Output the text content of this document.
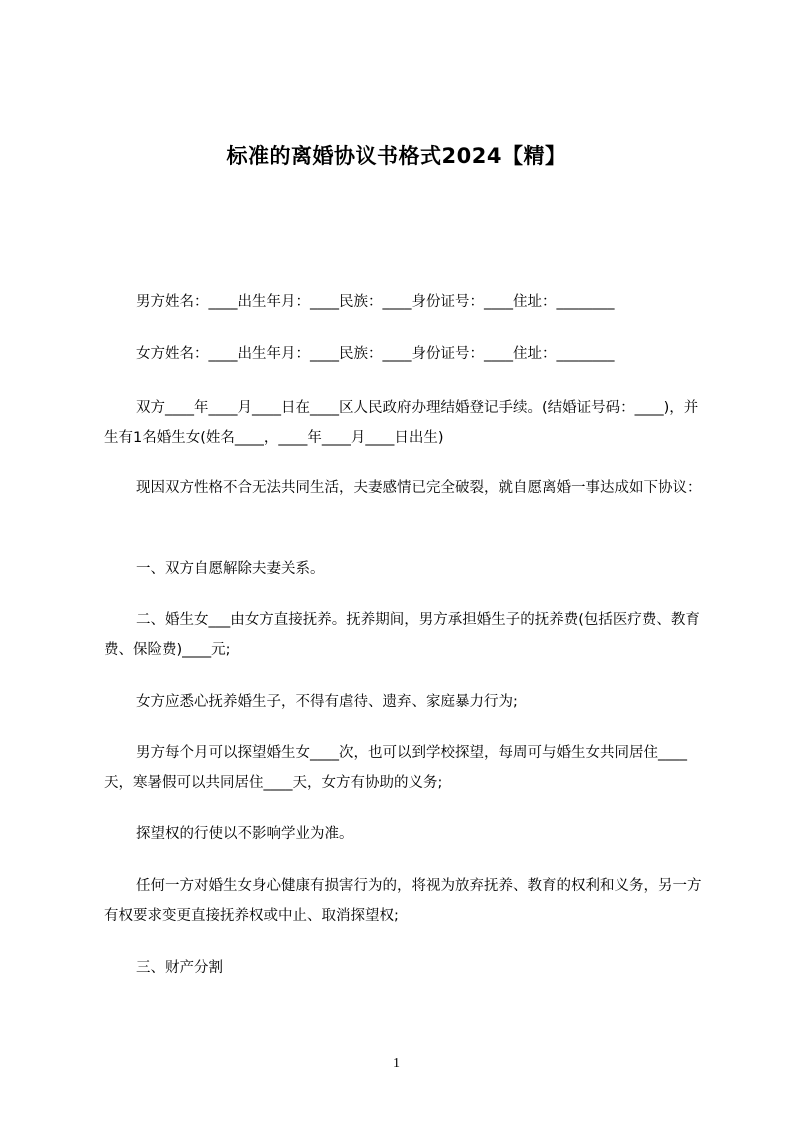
标准的离婚协议书格式2024【精】

男方姓名：____出生年月：____民族：____身份证号：____住址：________

女方姓名：____出生年月：____民族：____身份证号：____住址：________

双方____年____月____日在____区人民政府办理结婚登记手续。(结婚证号码：____)，并生有1名婚生女(姓名____，____年____月____日出生)

现因双方性格不合无法共同生活，夫妻感情已完全破裂，就自愿离婚一事达成如下协议：

一、双方自愿解除夫妻关系。

二、婚生女___由女方直接抚养。抚养期间，男方承担婚生子的抚养费(包括医疗费、教育费、保险费)____元;

女方应悉心抚养婚生子，不得有虐待、遗弃、家庭暴力行为;

男方每个月可以探望婚生女____次，也可以到学校探望，每周可与婚生女共同居住____天，寒暑假可以共同居住____天，女方有协助的义务;

探望权的行使以不影响学业为准。

任何一方对婚生女身心健康有损害行为的，将视为放弃抚养、教育的权利和义务，另一方有权要求变更直接抚养权或中止、取消探望权;

三、财产分割

1
